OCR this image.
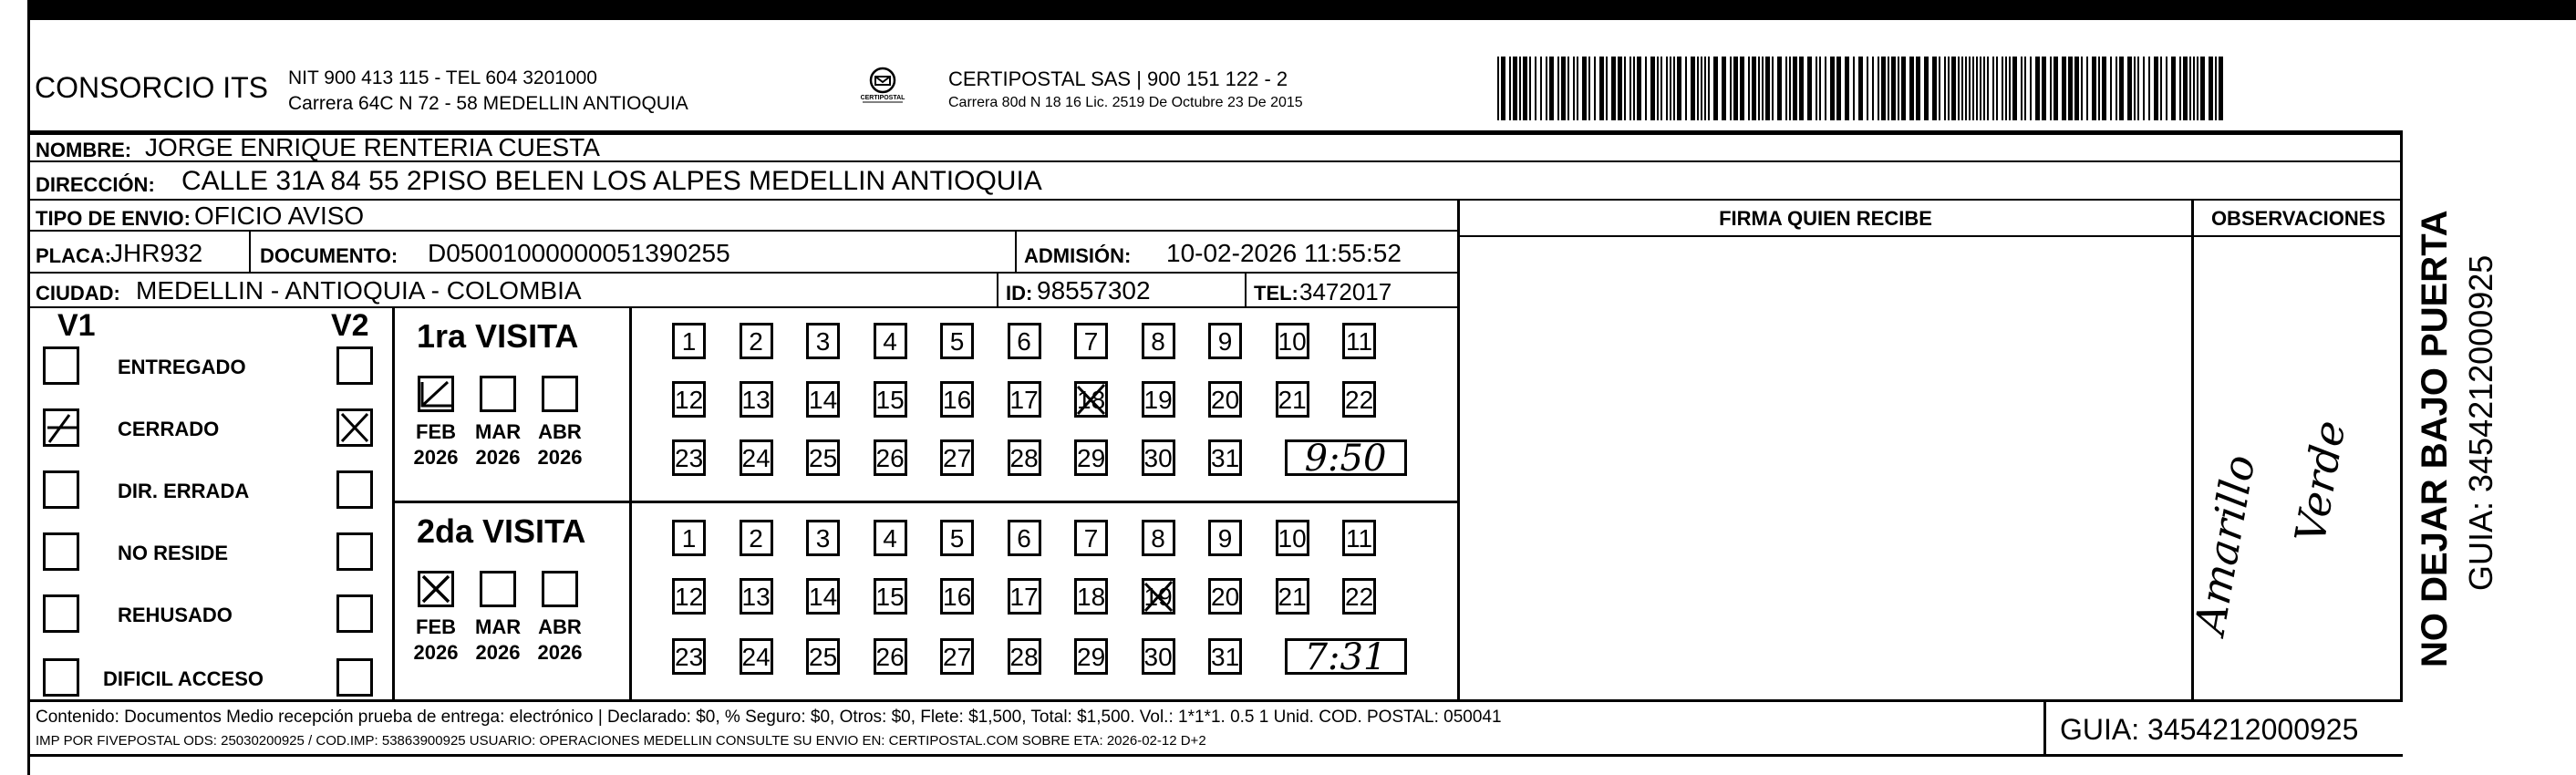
CONSORCIO ITS NIT 900 413 115 - TEL 604 3201000
Carrera 64C N 72 - 58 MEDELLIN ANTIOQUIA	CERTIPOSTAL
CERTIPOSTAL SAS | 900 151 122 - 2
Carrera 80d N 18 16 Lic. 2519 De Octubre 23 De 2015
NOMBRE: JORGE ENRIQUE RENTERIA CUESTA
DIRECCIÓN: CALLE 31A 84 55 2PISO BELEN LOS ALPES MEDELLIN ANTIOQUIA
FIRMA QUIEN RECIBE	OBSERVACIONES
Amarillo Verde
TIPO DE ENVIO: OFICIO AVISO
PLACA:
JHR932	DOCUMENTO: D05001000000051390255	ADMISIÓN: 10-02-2026 11:55:52
CIUDAD: MEDELLIN - ANTIOQUIA - COLOMBIA	ID: 98557302	TEL: 3472017
V1	V2
ENTREGADO
CERRADO
DIR. ERRADA
NO RESIDE
REHUSADO
DIFICIL ACCESO
1ra VISITA
FEB
2026
MAR
2026
ABR
2026
1	2	3	4	5	6	7	8	9	10 11
12 13 14 15 16 17 18 19 20 21 22
23 24 25 26 27 28 29 30 31	9:50
2da VISITA
FEB
2026
MAR
2026
ABR
2026
1	2	3	4	5	6	7	8	9	10 11
12 13 14 15 16 17 18 19 20 21 22
23 24 25 26 27 28 29 30 31	7:31
Contenido: Documentos Medio recepción prueba de entrega: electrónico | Declarado: $0, % Seguro: $0, Otros: $0, Flete: $1,500, Total: $1,500. Vol.: 1*1*1. 0.5 1 Unid. COD. POSTAL: 050041
IMP POR FIVEPOSTAL ODS: 25030200925 / COD.IMP: 53863900925 USUARIO: OPERACIONES MEDELLIN CONSULTE SU ENVIO EN: CERTIPOSTAL.COM SOBRE ETA: 2026-02-12 D+2	GUIA: 3454212000925
NO DEJAR BAJO PUERTA GUIA: 3454212000925
